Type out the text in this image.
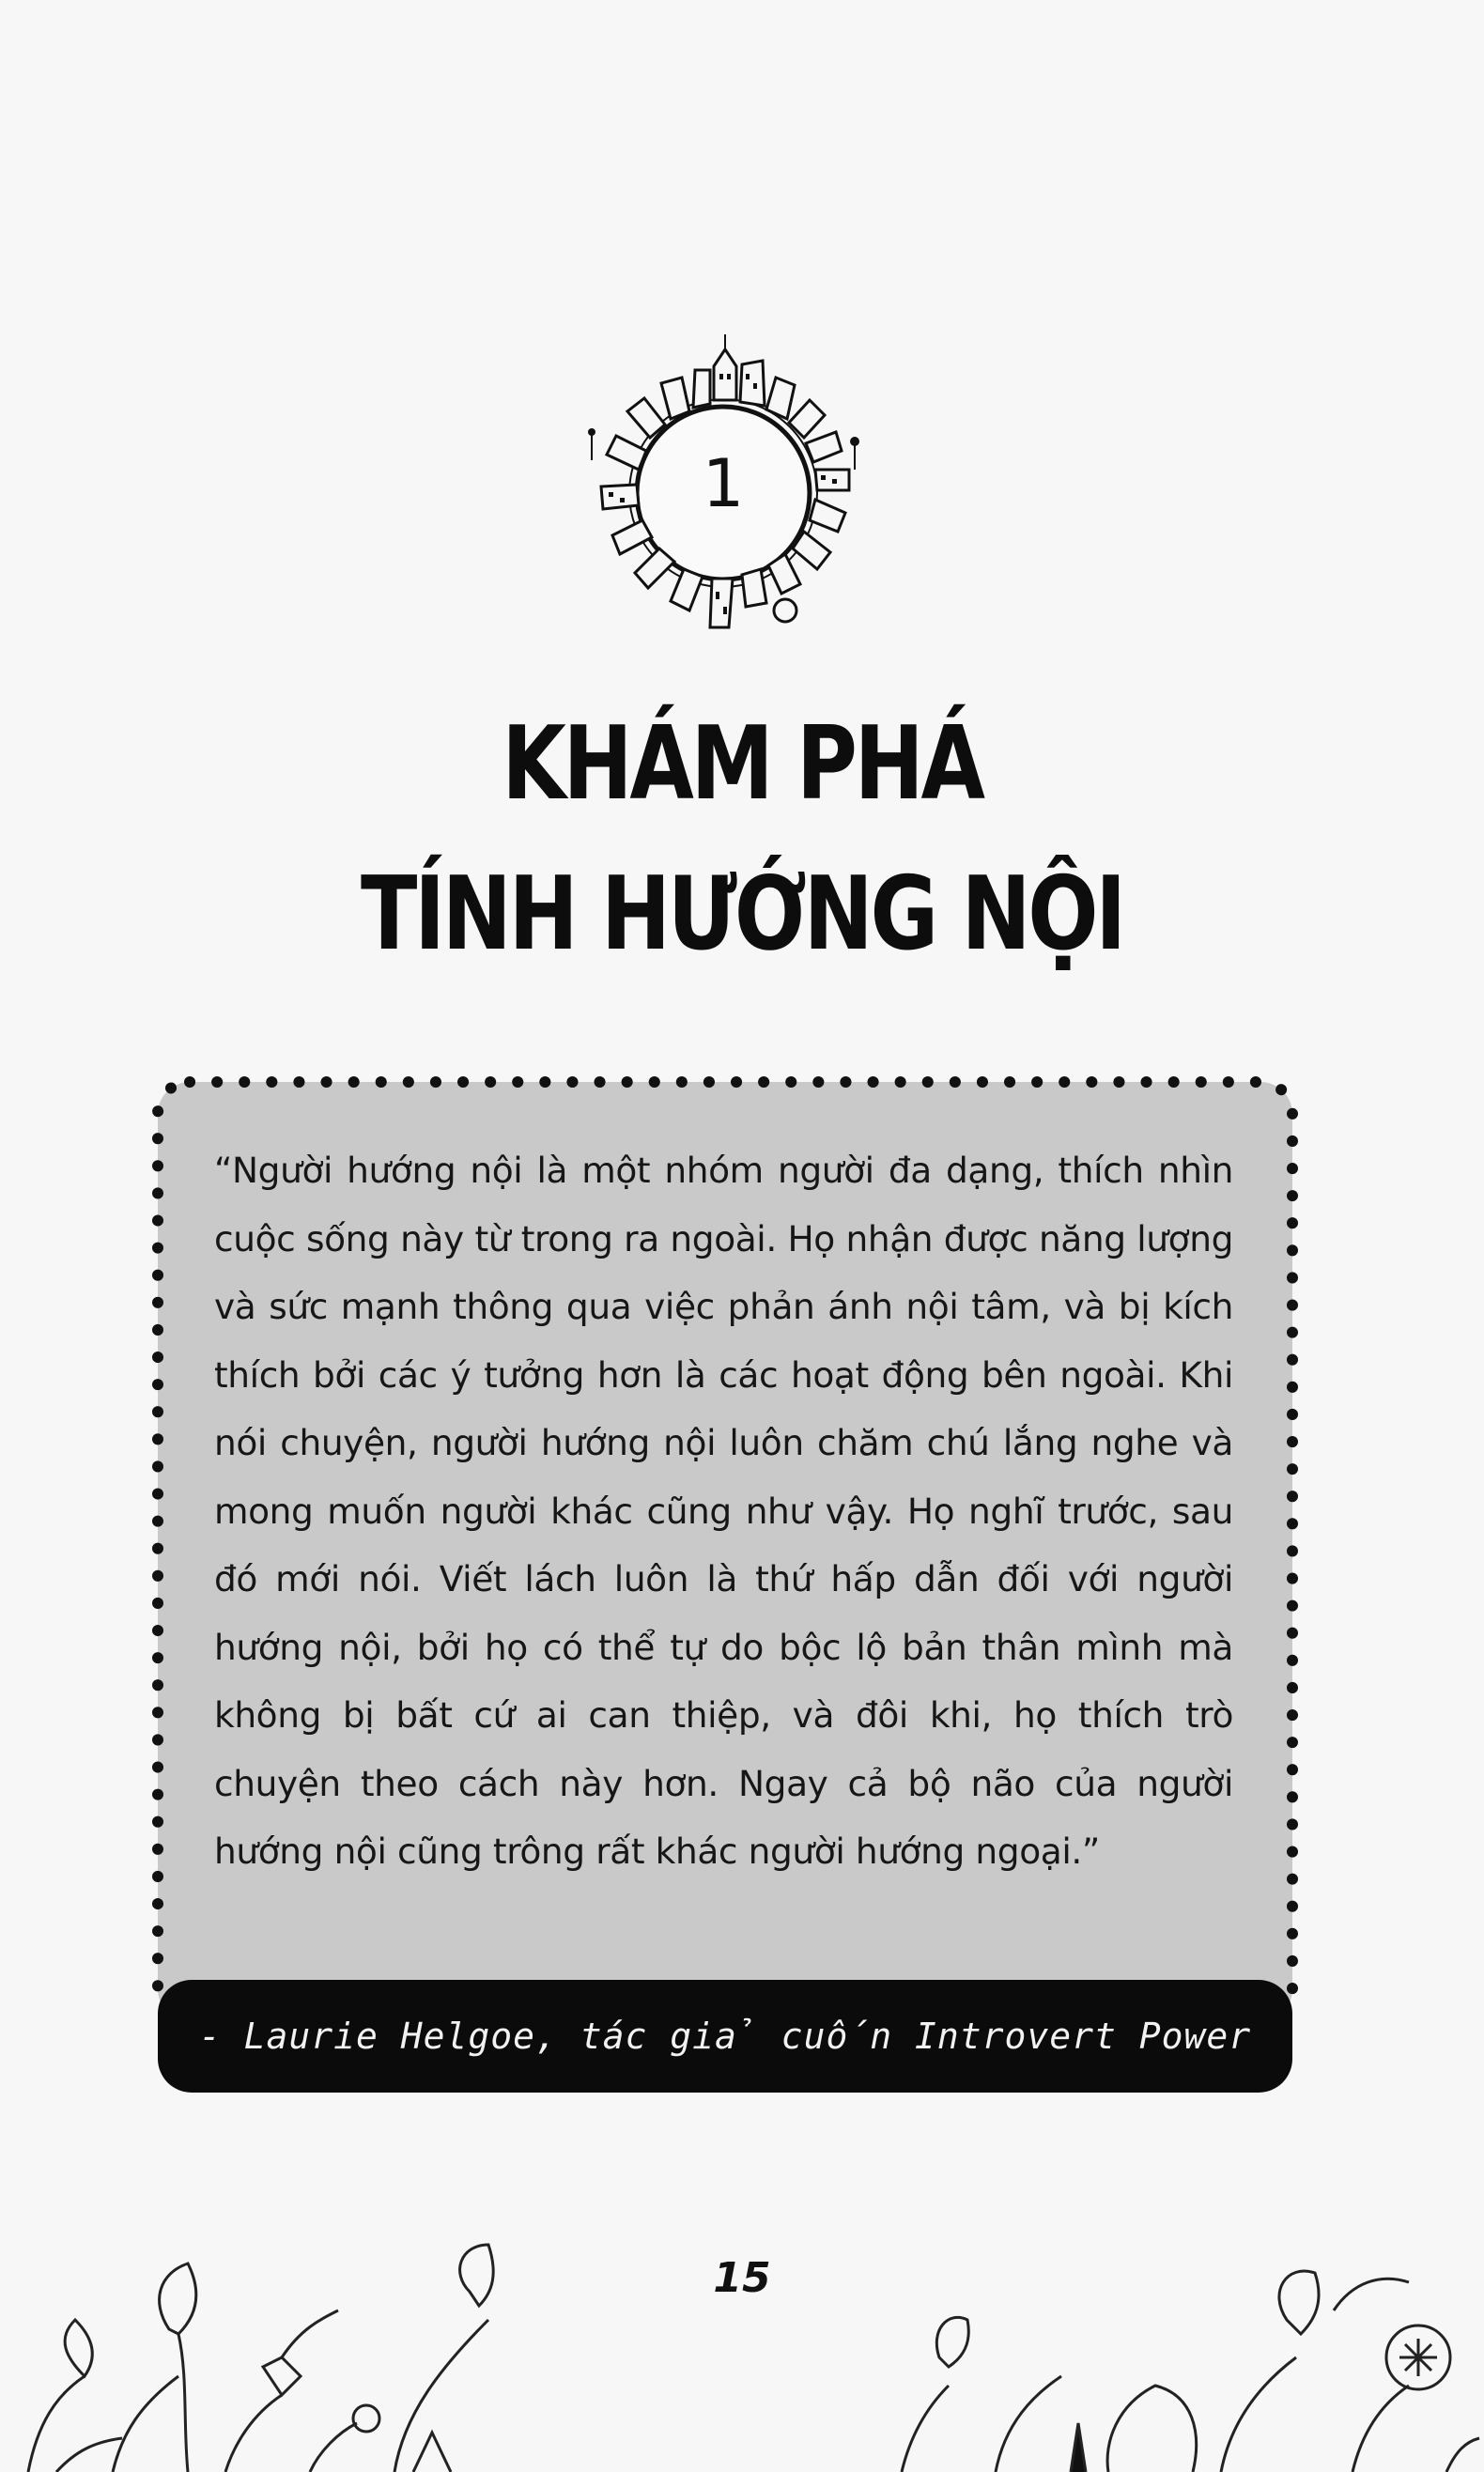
1
KHÁM PHÁ
TÍNH HƯỚNG NỘI
“Người hướng nội là một nhóm người đa dạng, thích nhìn cuộc sống này từ trong ra ngoài. Họ nhận được năng lượng và sức mạnh thông qua việc phản ánh nội tâm, và bị kích thích bởi các ý tưởng hơn là các hoạt động bên ngoài. Khi nói chuyện, người hướng nội luôn chăm chú lắng nghe và mong muốn người khác cũng như vậy. Họ nghĩ trước, sau đó mới nói. Viết lách luôn là thứ hấp dẫn đối với người hướng nội, bởi họ có thể tự do bộc lộ bản thân mình mà không bị bất cứ ai can thiệp, và đôi khi, họ thích trò chuyện theo cách này hơn. Ngay cả bộ não của người hướng nội cũng trông rất khác người hướng ngoại.”
- Laurie Helgoe, tác giả cuốn Introvert Power
15
